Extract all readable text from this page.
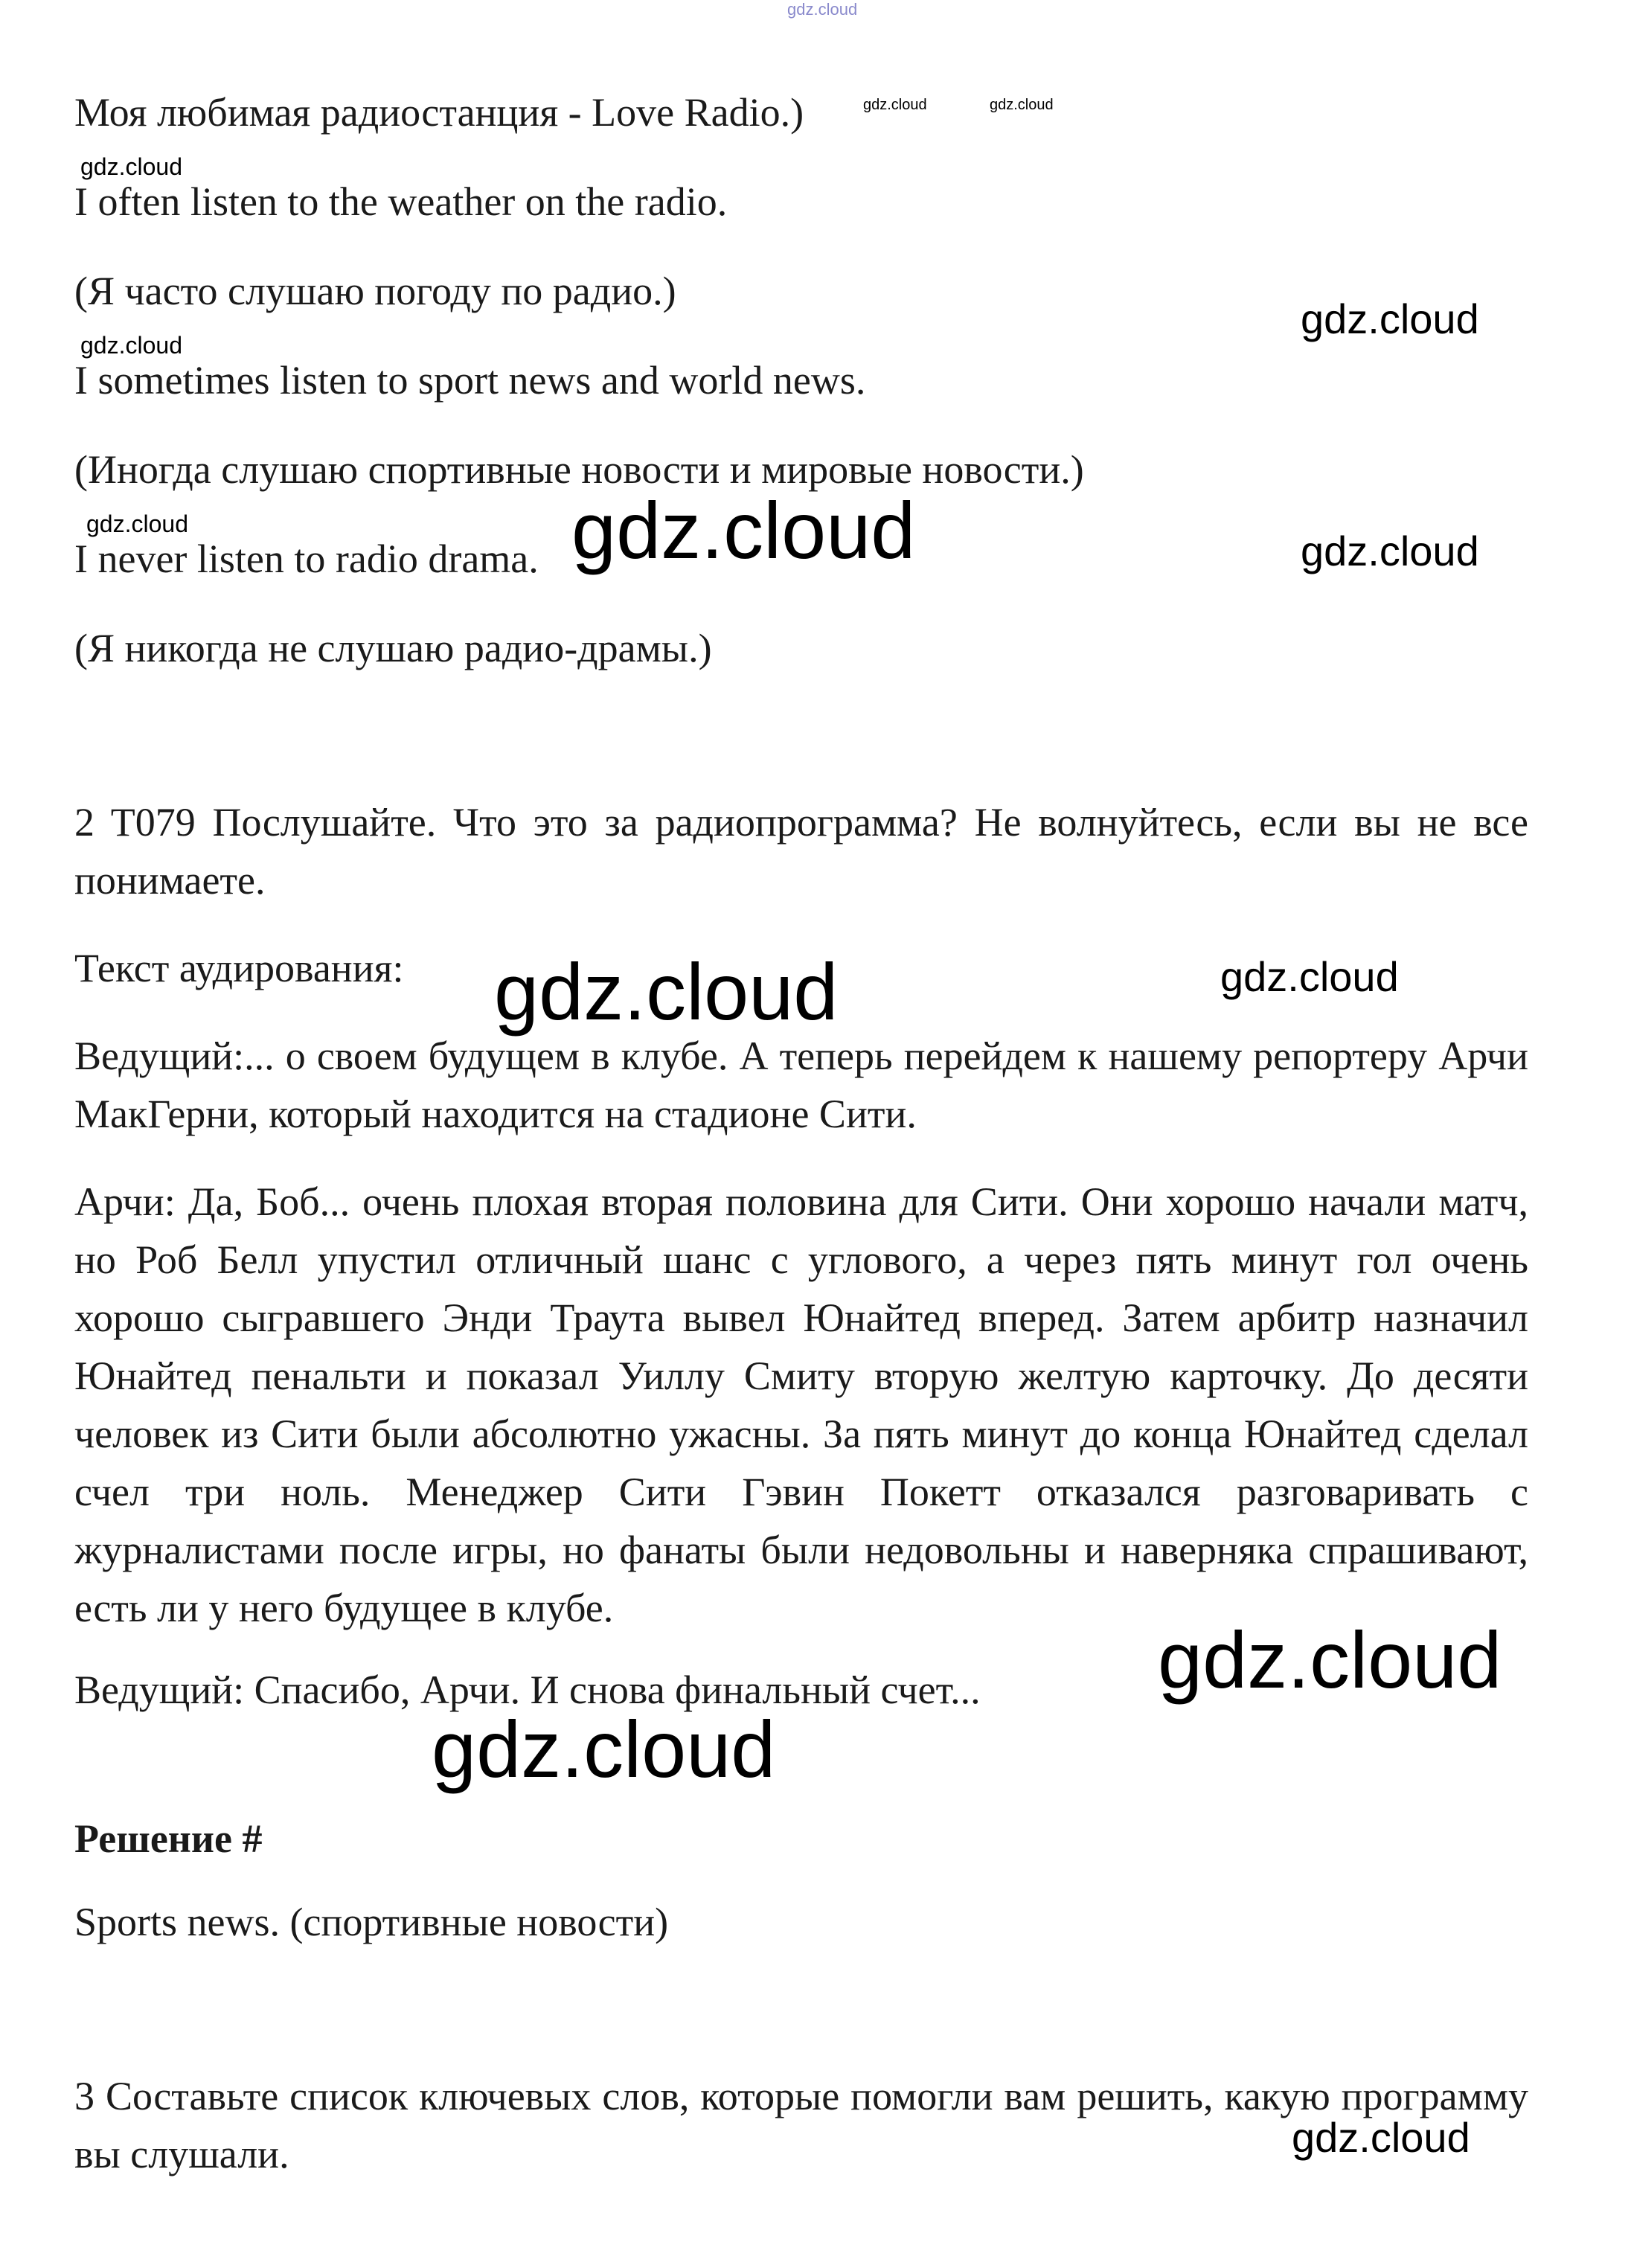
gdz.cloud
Моя любимая радиостанция - Love Radio.)	gdz.cloud	gdz.cloud
gdz.cloud
I often listen to the weather on the radio.
(Я часто слушаю погоду по радио.)
gdz.cloud
gdz.cloud
I sometimes listen to sport news and world news.
(Иногда слушаю спортивные новости и мировые новости.)
gdz.cloud
I never listen to radio drama. gdz.cloud	gdz.cloud
(Я никогда не слушаю радио-драмы.)

2 T079 Послушайте. Что это за радиопрограмма? Не волнуйтесь, если вы не все понимаете.

Текст аудирования: gdz.cloud	gdz.cloud

Ведущий:... о своем будущем в клубе. А теперь перейдем к нашему репортеру Арчи МакГерни, который находится на стадионе Сити.

Арчи: Да, Боб... очень плохая вторая половина для Сити. Они хорошо начали матч, но Роб Белл упустил отличный шанс с углового, а через пять минут гол очень хорошо сыгравшего Энди Траута вывел Юнайтед вперед. Затем арбитр назначил Юнайтед пенальти и показал Уиллу Смиту вторую желтую карточку. До десяти человек из Сити были абсолютно ужасны. За пять минут до конца Юнайтед сделал счел три ноль. Менеджер Сити Гэвин Покетт отказался разговаривать с журналистами после игры, но фанаты были недовольны и наверняка спрашивают, есть ли у него будущее в клубе.

gdz.cloud
Ведущий: Спасибо, Арчи. И снова финальный счет...
gdz.cloud
Решение #
Sports news. (спортивные новости)

3 Составьте список ключевых слов, которые помогли вам решить, какую программу вы слушали.	gdz.cloud
